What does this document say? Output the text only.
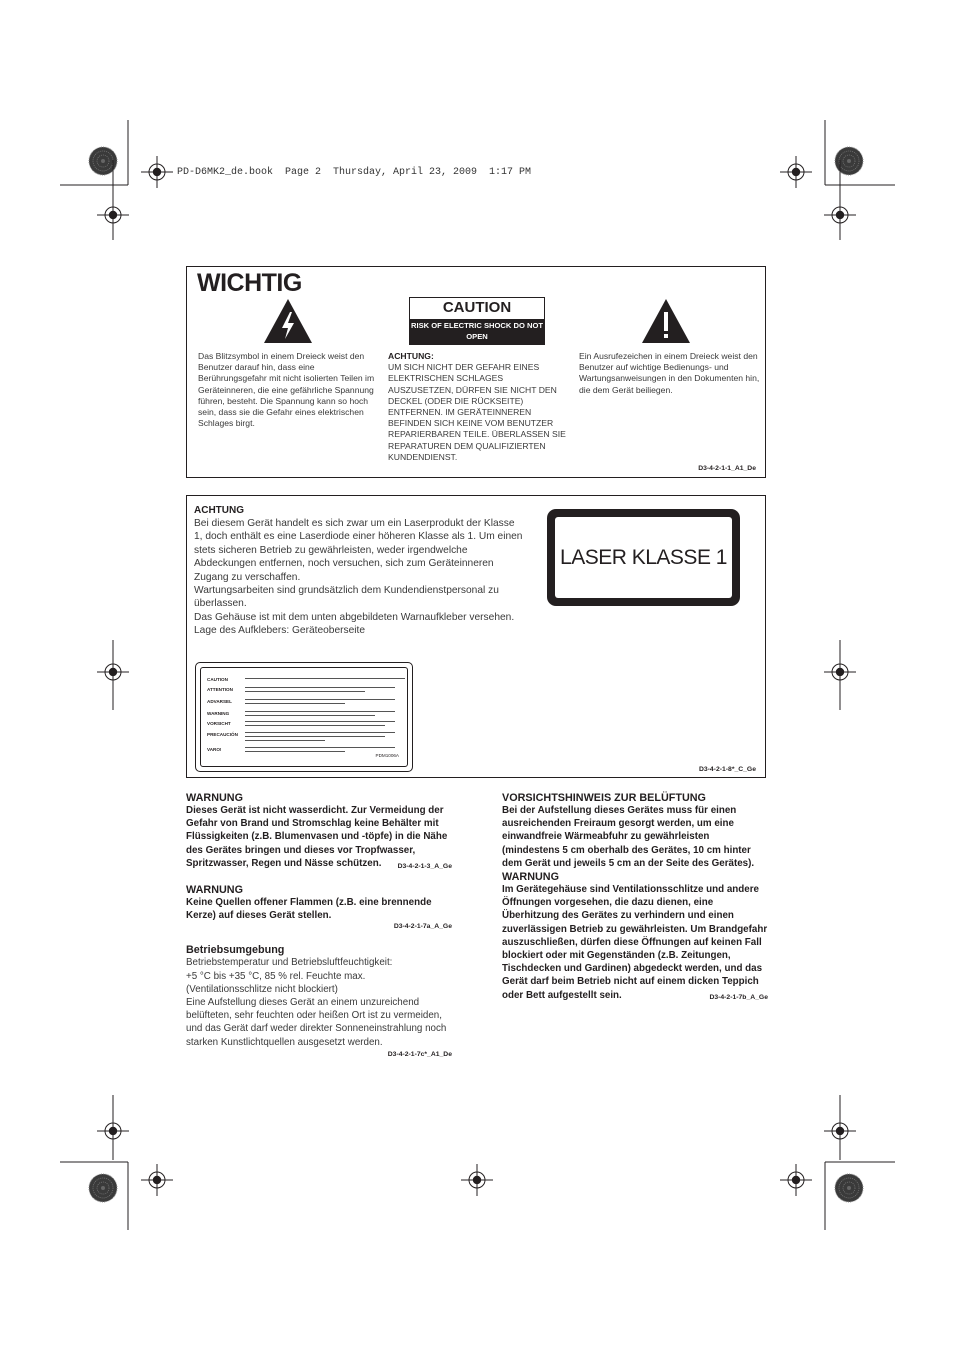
PD-D6MK2_de.book  Page 2  Thursday, April 23, 2009  1:17 PM
WICHTIG
CAUTION
RISK OF ELECTRIC SHOCK DO NOT OPEN
Das Blitzsymbol in einem Dreieck weist den Benutzer darauf hin, dass eine Berührungsgefahr mit nicht isolierten Teilen im Geräteinneren, die eine gefährliche Spannung führen, besteht. Die Spannung kann so hoch sein, dass sie die Gefahr eines elektrischen Schlages birgt.
ACHTUNG:
UM SICH NICHT DER GEFAHR EINES ELEKTRISCHEN SCHLAGES AUSZUSETZEN, DÜRFEN SIE NICHT DEN DECKEL (ODER DIE RÜCKSEITE) ENTFERNEN. IM GERÄTEINNEREN BEFINDEN SICH KEINE VOM BENUTZER REPARIERBAREN TEILE. ÜBERLASSEN SIE REPARATUREN DEM QUALIFIZIERTEN KUNDENDIENST.
Ein Ausrufezeichen in einem Dreieck weist den Benutzer auf wichtige Bedienungs- und Wartungsanweisungen in den Dokumenten hin, die dem Gerät beiliegen.
D3-4-2-1-1_A1_De
ACHTUNG
Bei diesem Gerät handelt es sich zwar um ein Laserprodukt der Klasse 1, doch enthält es eine Laserdiode einer höheren Klasse als 1. Um einen stets sicheren Betrieb zu gewährleisten, weder irgendwelche Abdeckungen entfernen, noch versuchen, sich zum Geräteinneren Zugang zu verschaffen.
Wartungsarbeiten sind grundsätzlich dem Kundendienstpersonal zu überlassen.
Das Gehäuse ist mit dem unten abgebildeten Warnaufkleber versehen.
Lage des Aufklebers: Geräteoberseite
LASER KLASSE 1
CAUTION
ATTENTION
ADVARSEL
WARNING
VORSICHT
PRECAUCIÓN
VARO!
PDM1006A
D3-4-2-1-8*_C_Ge
WARNUNG
Dieses Gerät ist nicht wasserdicht. Zur Vermeidung der Gefahr von Brand und Stromschlag keine Behälter mit Flüssigkeiten (z.B. Blumenvasen und -töpfe) in die Nähe des Gerätes bringen und dieses vor Tropfwasser, Spritzwasser, Regen und Nässe schützen.	D3-4-2-1-3_A_Ge
WARNUNG
Keine Quellen offener Flammen (z.B. eine brennende Kerze) auf dieses Gerät stellen.
D3-4-2-1-7a_A_Ge
Betriebsumgebung
Betriebstemperatur und Betriebsluftfeuchtigkeit:
+5 °C bis +35 °C, 85 % rel. Feuchte max.
(Ventilationsschlitze nicht blockiert)
Eine Aufstellung dieses Gerät an einem unzureichend belüfteten, sehr feuchten oder heißen Ort ist zu vermeiden, und das Gerät darf weder direkter Sonneneinstrahlung noch starken Kunstlichtquellen ausgesetzt werden.
D3-4-2-1-7c*_A1_De
VORSICHTSHINWEIS ZUR BELÜFTUNG
Bei der Aufstellung dieses Gerätes muss für einen ausreichenden Freiraum gesorgt werden, um eine einwandfreie Wärmeabfuhr zu gewährleisten (mindestens 5 cm oberhalb des Gerätes, 10 cm hinter dem Gerät und jeweils 5 cm an der Seite des Gerätes).
WARNUNG
Im Gerätegehäuse sind Ventilationsschlitze und andere Öffnungen vorgesehen, die dazu dienen, eine Überhitzung des Gerätes zu verhindern und einen zuverlässigen Betrieb zu gewährleisten. Um Brandgefahr auszuschließen, dürfen diese Öffnungen auf keinen Fall blockiert oder mit Gegenständen (z.B. Zeitungen, Tischdecken und Gardinen) abgedeckt werden, und das Gerät darf beim Betrieb nicht auf einem dicken Teppich oder Bett aufgestellt sein.	D3-4-2-1-7b_A_Ge
